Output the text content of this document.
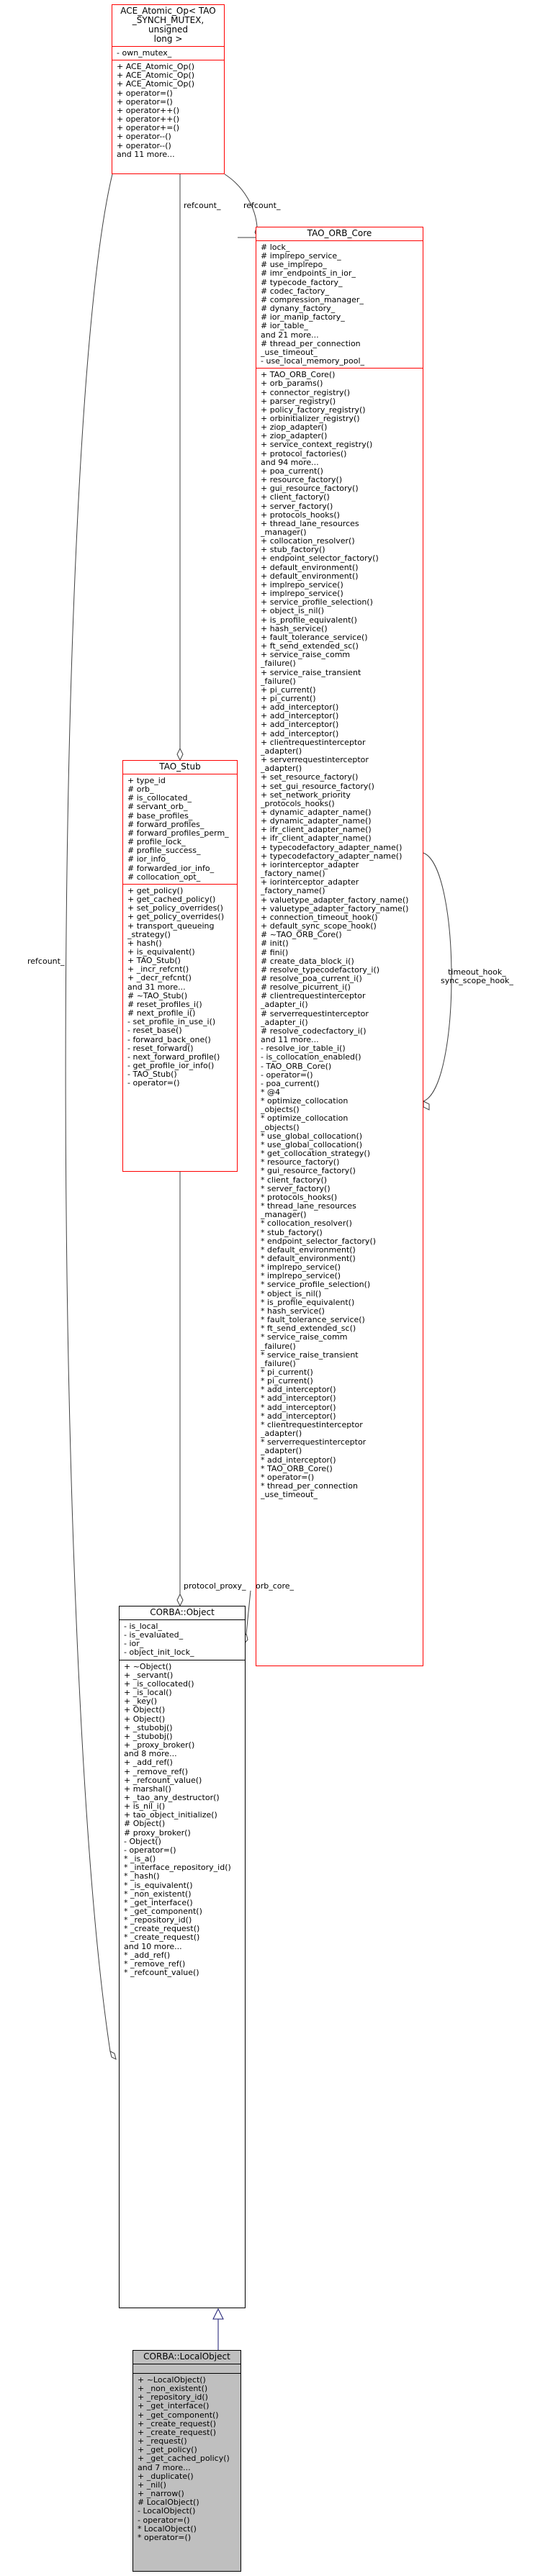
ACE_Atomic_Op< TAO
_SYNCH_MUTEX, unsigned
long >
- own_mutex_
+ ACE_Atomic_Op()
+ ACE_Atomic_Op()
+ ACE_Atomic_Op()
+ operator=()
+ operator=()
+ operator++()
+ operator++()
+ operator+=()
+ operator--()
+ operator--()
and 11 more...
TAO_ORB_Core
# lock_
# implrepo_service_
# use_implrepo_
# imr_endpoints_in_ior_
# typecode_factory_
# codec_factory_
# compression_manager_
# dynany_factory_
# ior_manip_factory_
# ior_table_
and 21 more...
# thread_per_connection
_use_timeout_
- use_local_memory_pool_
+ TAO_ORB_Core()
+ orb_params()
+ connector_registry()
+ parser_registry()
+ policy_factory_registry()
+ orbinitializer_registry()
+ ziop_adapter()
+ ziop_adapter()
+ service_context_registry()
+ protocol_factories()
and 94 more...
+ poa_current()
+ resource_factory()
+ gui_resource_factory()
+ client_factory()
+ server_factory()
+ protocols_hooks()
+ thread_lane_resources
_manager()
+ collocation_resolver()
+ stub_factory()
+ endpoint_selector_factory()
+ default_environment()
+ default_environment()
+ implrepo_service()
+ implrepo_service()
+ service_profile_selection()
+ object_is_nil()
+ is_profile_equivalent()
+ hash_service()
+ fault_tolerance_service()
+ ft_send_extended_sc()
+ service_raise_comm
_failure()
+ service_raise_transient
_failure()
+ pi_current()
+ pi_current()
+ add_interceptor()
+ add_interceptor()
+ add_interceptor()
+ add_interceptor()
+ clientrequestinterceptor
_adapter()
+ serverrequestinterceptor
_adapter()
+ set_resource_factory()
+ set_gui_resource_factory()
+ set_network_priority
_protocols_hooks()
+ dynamic_adapter_name()
+ dynamic_adapter_name()
+ ifr_client_adapter_name()
+ ifr_client_adapter_name()
+ typecodefactory_adapter_name()
+ typecodefactory_adapter_name()
+ iorinterceptor_adapter
_factory_name()
+ iorinterceptor_adapter
_factory_name()
+ valuetype_adapter_factory_name()
+ valuetype_adapter_factory_name()
+ connection_timeout_hook()
+ default_sync_scope_hook()
# ~TAO_ORB_Core()
# init()
# fini()
# create_data_block_i()
# resolve_typecodefactory_i()
# resolve_poa_current_i()
# resolve_picurrent_i()
# clientrequestinterceptor
_adapter_i()
# serverrequestinterceptor
_adapter_i()
# resolve_codecfactory_i()
and 11 more...
- resolve_ior_table_i()
- is_collocation_enabled()
- TAO_ORB_Core()
- operator=()
- poa_current()
* @4
* optimize_collocation
_objects()
* optimize_collocation
_objects()
* use_global_collocation()
* use_global_collocation()
* get_collocation_strategy()
* resource_factory()
* gui_resource_factory()
* client_factory()
* server_factory()
* protocols_hooks()
* thread_lane_resources
_manager()
* collocation_resolver()
* stub_factory()
* endpoint_selector_factory()
* default_environment()
* default_environment()
* implrepo_service()
* implrepo_service()
* service_profile_selection()
* object_is_nil()
* is_profile_equivalent()
* hash_service()
* fault_tolerance_service()
* ft_send_extended_sc()
* service_raise_comm
_failure()
* service_raise_transient
_failure()
* pi_current()
* pi_current()
* add_interceptor()
* add_interceptor()
* add_interceptor()
* add_interceptor()
* clientrequestinterceptor
_adapter()
* serverrequestinterceptor
_adapter()
* add_interceptor()
* TAO_ORB_Core()
* operator=()
* thread_per_connection
_use_timeout_
TAO_Stub
+ type_id
# orb_
# is_collocated_
# servant_orb_
# base_profiles_
# forward_profiles_
# forward_profiles_perm_
# profile_lock_
# profile_success_
# ior_info_
# forwarded_ior_info_
# collocation_opt_
+ get_policy()
+ get_cached_policy()
+ set_policy_overrides()
+ get_policy_overrides()
+ transport_queueing
_strategy()
+ hash()
+ is_equivalent()
+ TAO_Stub()
+ _incr_refcnt()
+ _decr_refcnt()
and 31 more...
# ~TAO_Stub()
# reset_profiles_i()
# next_profile_i()
- set_profile_in_use_i()
- reset_base()
- forward_back_one()
- reset_forward()
- next_forward_profile()
- get_profile_ior_info()
- TAO_Stub()
- operator=()
CORBA::Object
- is_local_
- is_evaluated_
- ior_
- object_init_lock_
+ ~Object()
+ _servant()
+ _is_collocated()
+ _is_local()
+ _key()
+ Object()
+ Object()
+ _stubobj()
+ _stubobj()
+ _proxy_broker()
and 8 more...
+ _add_ref()
+ _remove_ref()
+ _refcount_value()
+ marshal()
+ _tao_any_destructor()
+ is_nil_i()
+ tao_object_initialize()
# Object()
# proxy_broker()
- Object()
- operator=()
* _is_a()
* _interface_repository_id()
* _hash()
* _is_equivalent()
* _non_existent()
* _get_interface()
* _get_component()
* _repository_id()
* _create_request()
* _create_request()
and 10 more...
* _add_ref()
* _remove_ref()
* _refcount_value()
CORBA::LocalObject
+ ~LocalObject()
+ _non_existent()
+ _repository_id()
+ _get_interface()
+ _get_component()
+ _create_request()
+ _create_request()
+ _request()
+ _get_policy()
+ _get_cached_policy()
and 7 more...
+ _duplicate()
+ _nil()
+ _narrow()
# LocalObject()
- LocalObject()
- operator=()
* LocalObject()
* operator=()
refcount_
refcount_	refcount_
timeout_hook_
sync_scope_hook_
protocol_proxy_ orb_core_
